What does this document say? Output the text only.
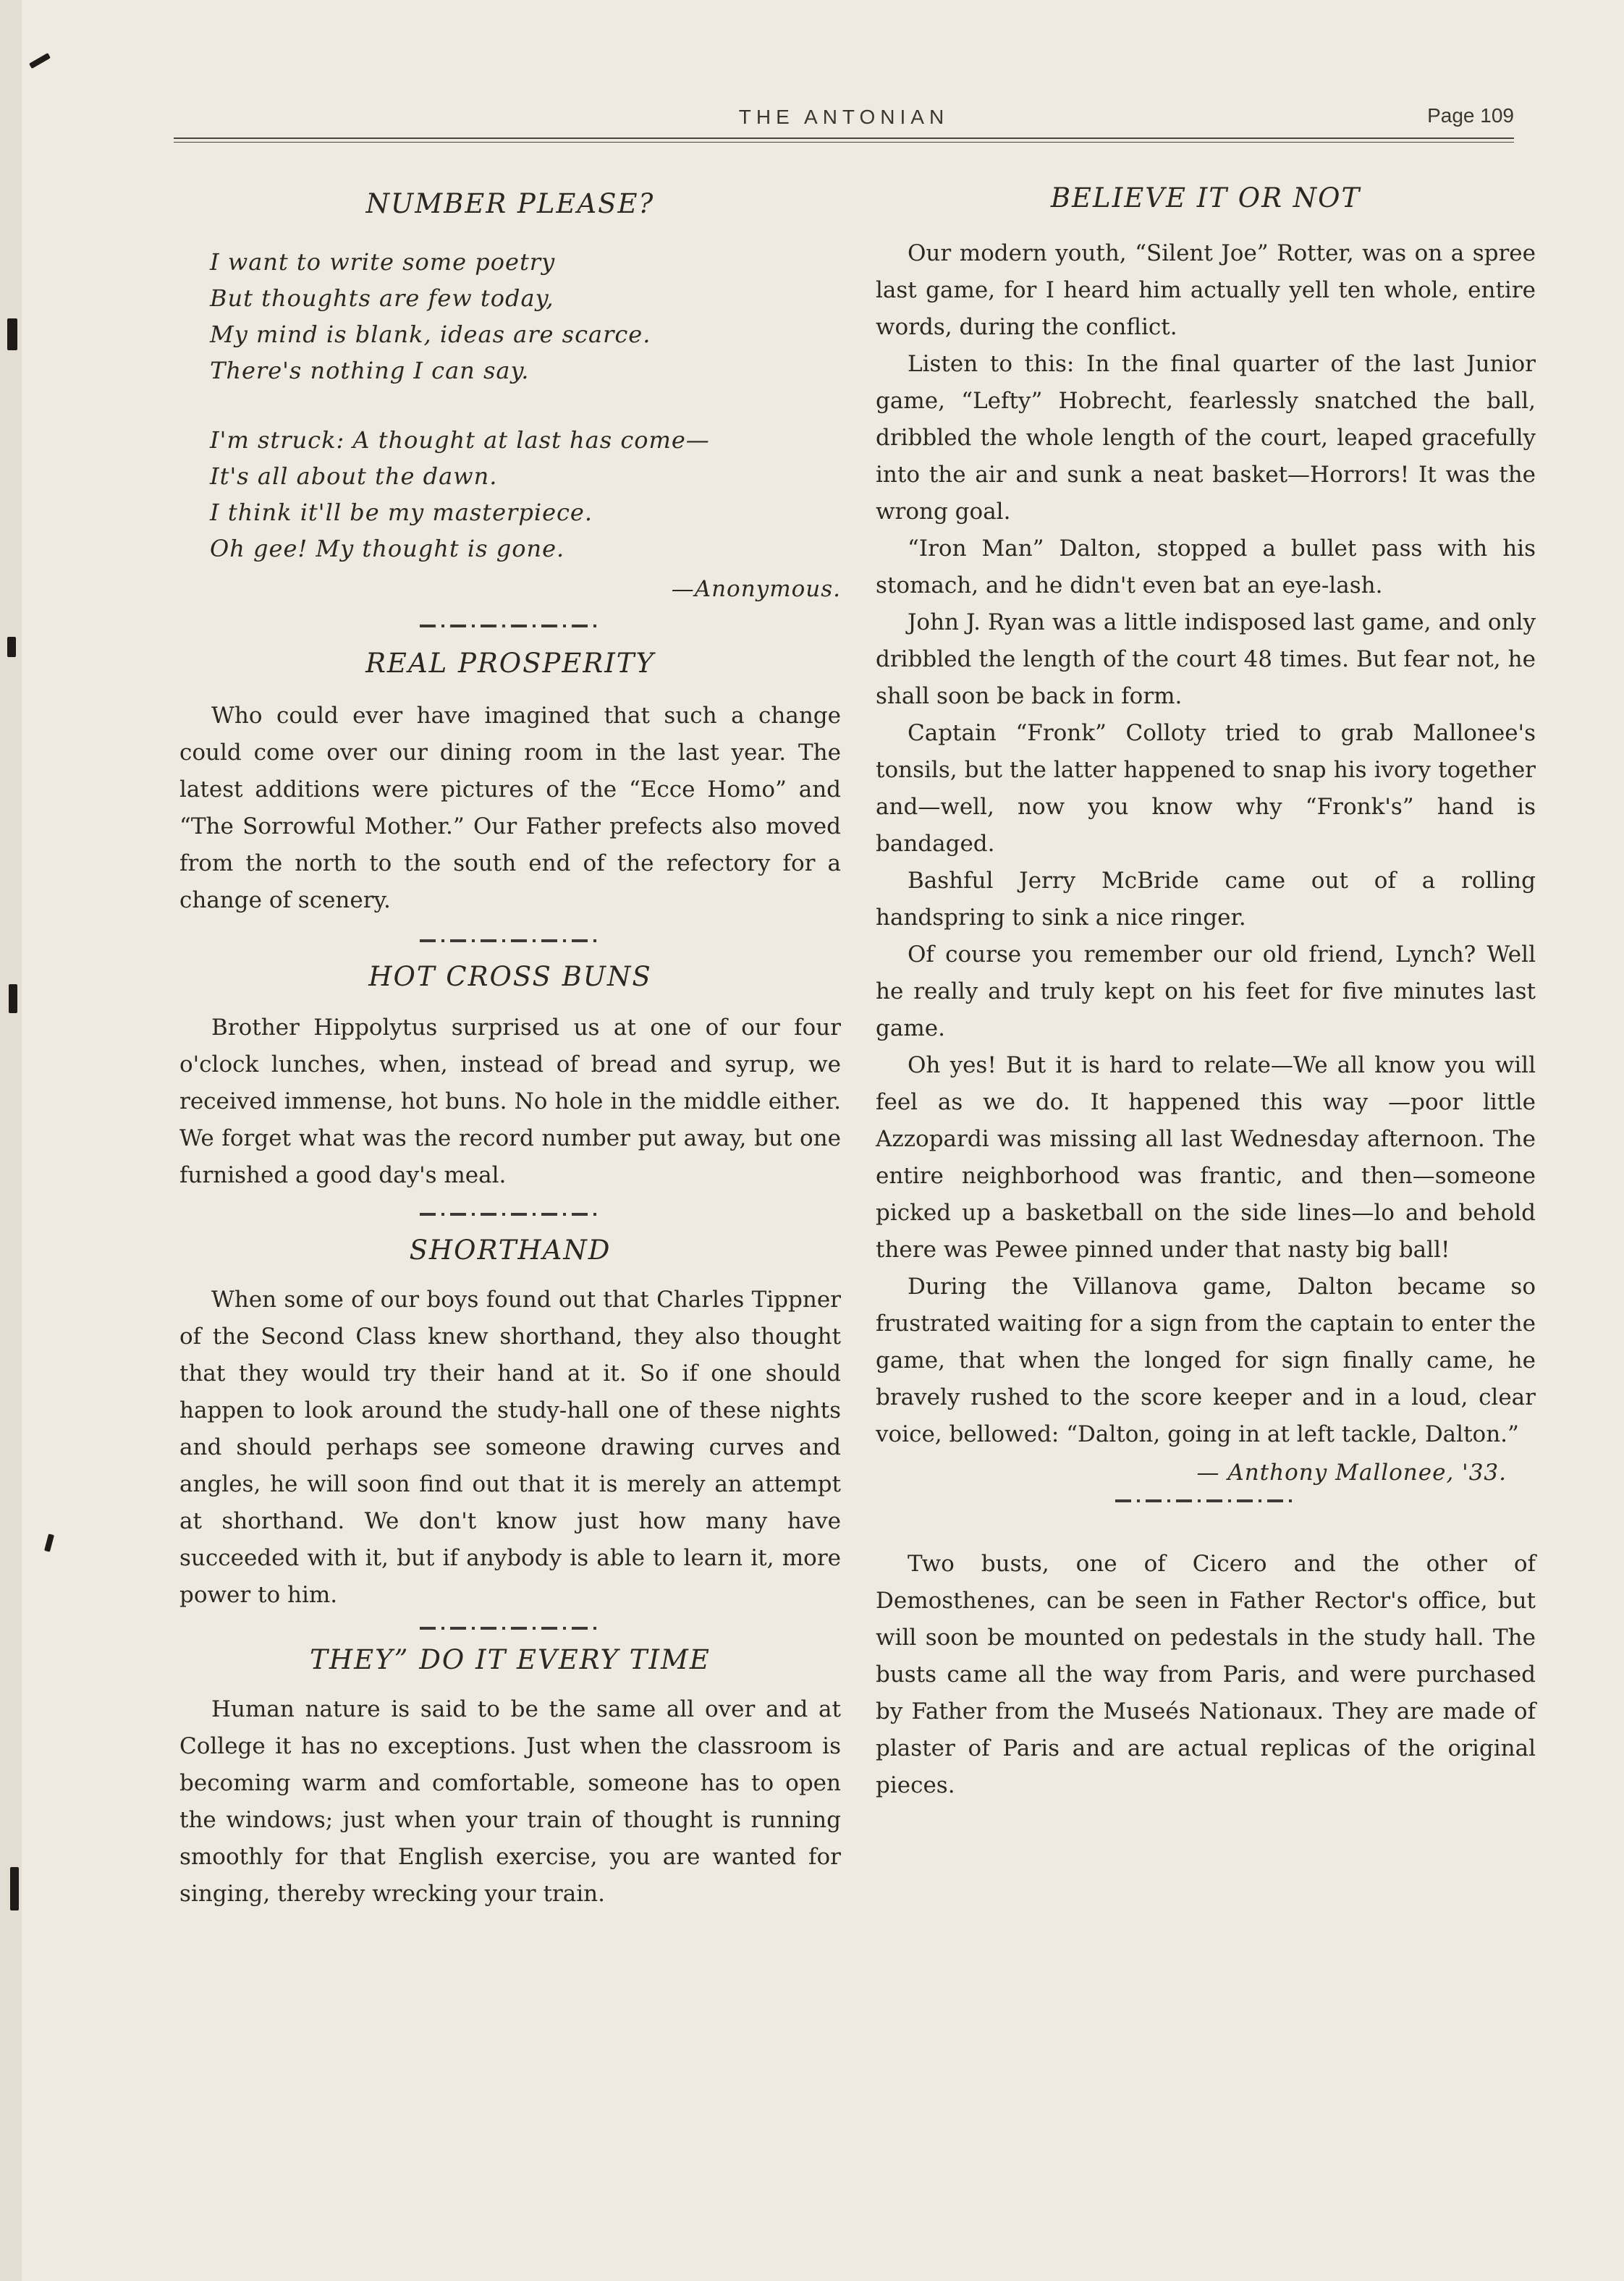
THE ANTONIAN	Page 109
NUMBER PLEASE?
I want to write some poetry
But thoughts are few today,
My mind is blank, ideas are scarce.
There's nothing I can say.
I'm struck: A thought at last has come—
It's all about the dawn.
I think it'll be my masterpiece.
Oh gee! My thought is gone.
—Anonymous.
REAL PROSPERITY

Who could ever have imagined that such a change could come over our dining room in the last year. The latest additions were pictures of the “Ecce Homo” and “The Sorrowful Mother.” Our Father prefects also moved from the north to the south end of the refectory for a change of scenery.

HOT CROSS BUNS

Brother Hippolytus surprised us at one of our four o'clock lunches, when, instead of bread and syrup, we received immense, hot buns. No hole in the middle either. We forget what was the record number put away, but one furnished a good day's meal.

SHORTHAND

When some of our boys found out that Charles Tippner of the Second Class knew shorthand, they also thought that they would try their hand at it. So if one should happen to look around the study-hall one of these nights and should perhaps see someone drawing curves and angles, he will soon find out that it is merely an attempt at shorthand. We don't know just how many have succeeded with it, but if anybody is able to learn it, more power to him.

THEY” DO IT EVERY TIME

Human nature is said to be the same all over and at College it has no exceptions. Just when the classroom is becoming warm and comfortable, someone has to open the windows; just when your train of thought is running smoothly for that English exercise, you are wanted for singing, thereby wrecking your train.

BELIEVE IT OR NOT

Our modern youth, “Silent Joe” Rotter, was on a spree last game, for I heard him actually yell ten whole, entire words, during the conflict.

Listen to this: In the final quarter of the last Junior game, “Lefty” Hobrecht, fearlessly snatched the ball, dribbled the whole length of the court, leaped gracefully into the air and sunk a neat basket—Horrors! It was the wrong goal.

“Iron Man” Dalton, stopped a bullet pass with his stomach, and he didn't even bat an eye-lash.

John J. Ryan was a little indisposed last game, and only dribbled the length of the court 48 times. But fear not, he shall soon be back in form.

Captain “Fronk” Colloty tried to grab Mallonee's tonsils, but the latter happened to snap his ivory together and—well, now you know why “Fronk's” hand is bandaged.

Bashful Jerry McBride came out of a rolling handspring to sink a nice ringer.

Of course you remember our old friend, Lynch? Well he really and truly kept on his feet for five minutes last game.

Oh yes! But it is hard to relate—We all know you will feel as we do. It happened this way —poor little Azzopardi was missing all last Wednesday afternoon. The entire neighborhood was frantic, and then—someone picked up a basketball on the side lines—lo and behold there was Pewee pinned under that nasty big ball!

During the Villanova game, Dalton became so frustrated waiting for a sign from the captain to enter the game, that when the longed for sign finally came, he bravely rushed to the score keeper and in a loud, clear voice, bellowed: “Dalton, going in at left tackle, Dalton.”

— Anthony Mallonee, '33.

Two busts, one of Cicero and the other of Demosthenes, can be seen in Father Rector's office, but will soon be mounted on pedestals in the study hall. The busts came all the way from Paris, and were purchased by Father from the Museés Nationaux. They are made of plaster of Paris and are actual replicas of the original pieces.
